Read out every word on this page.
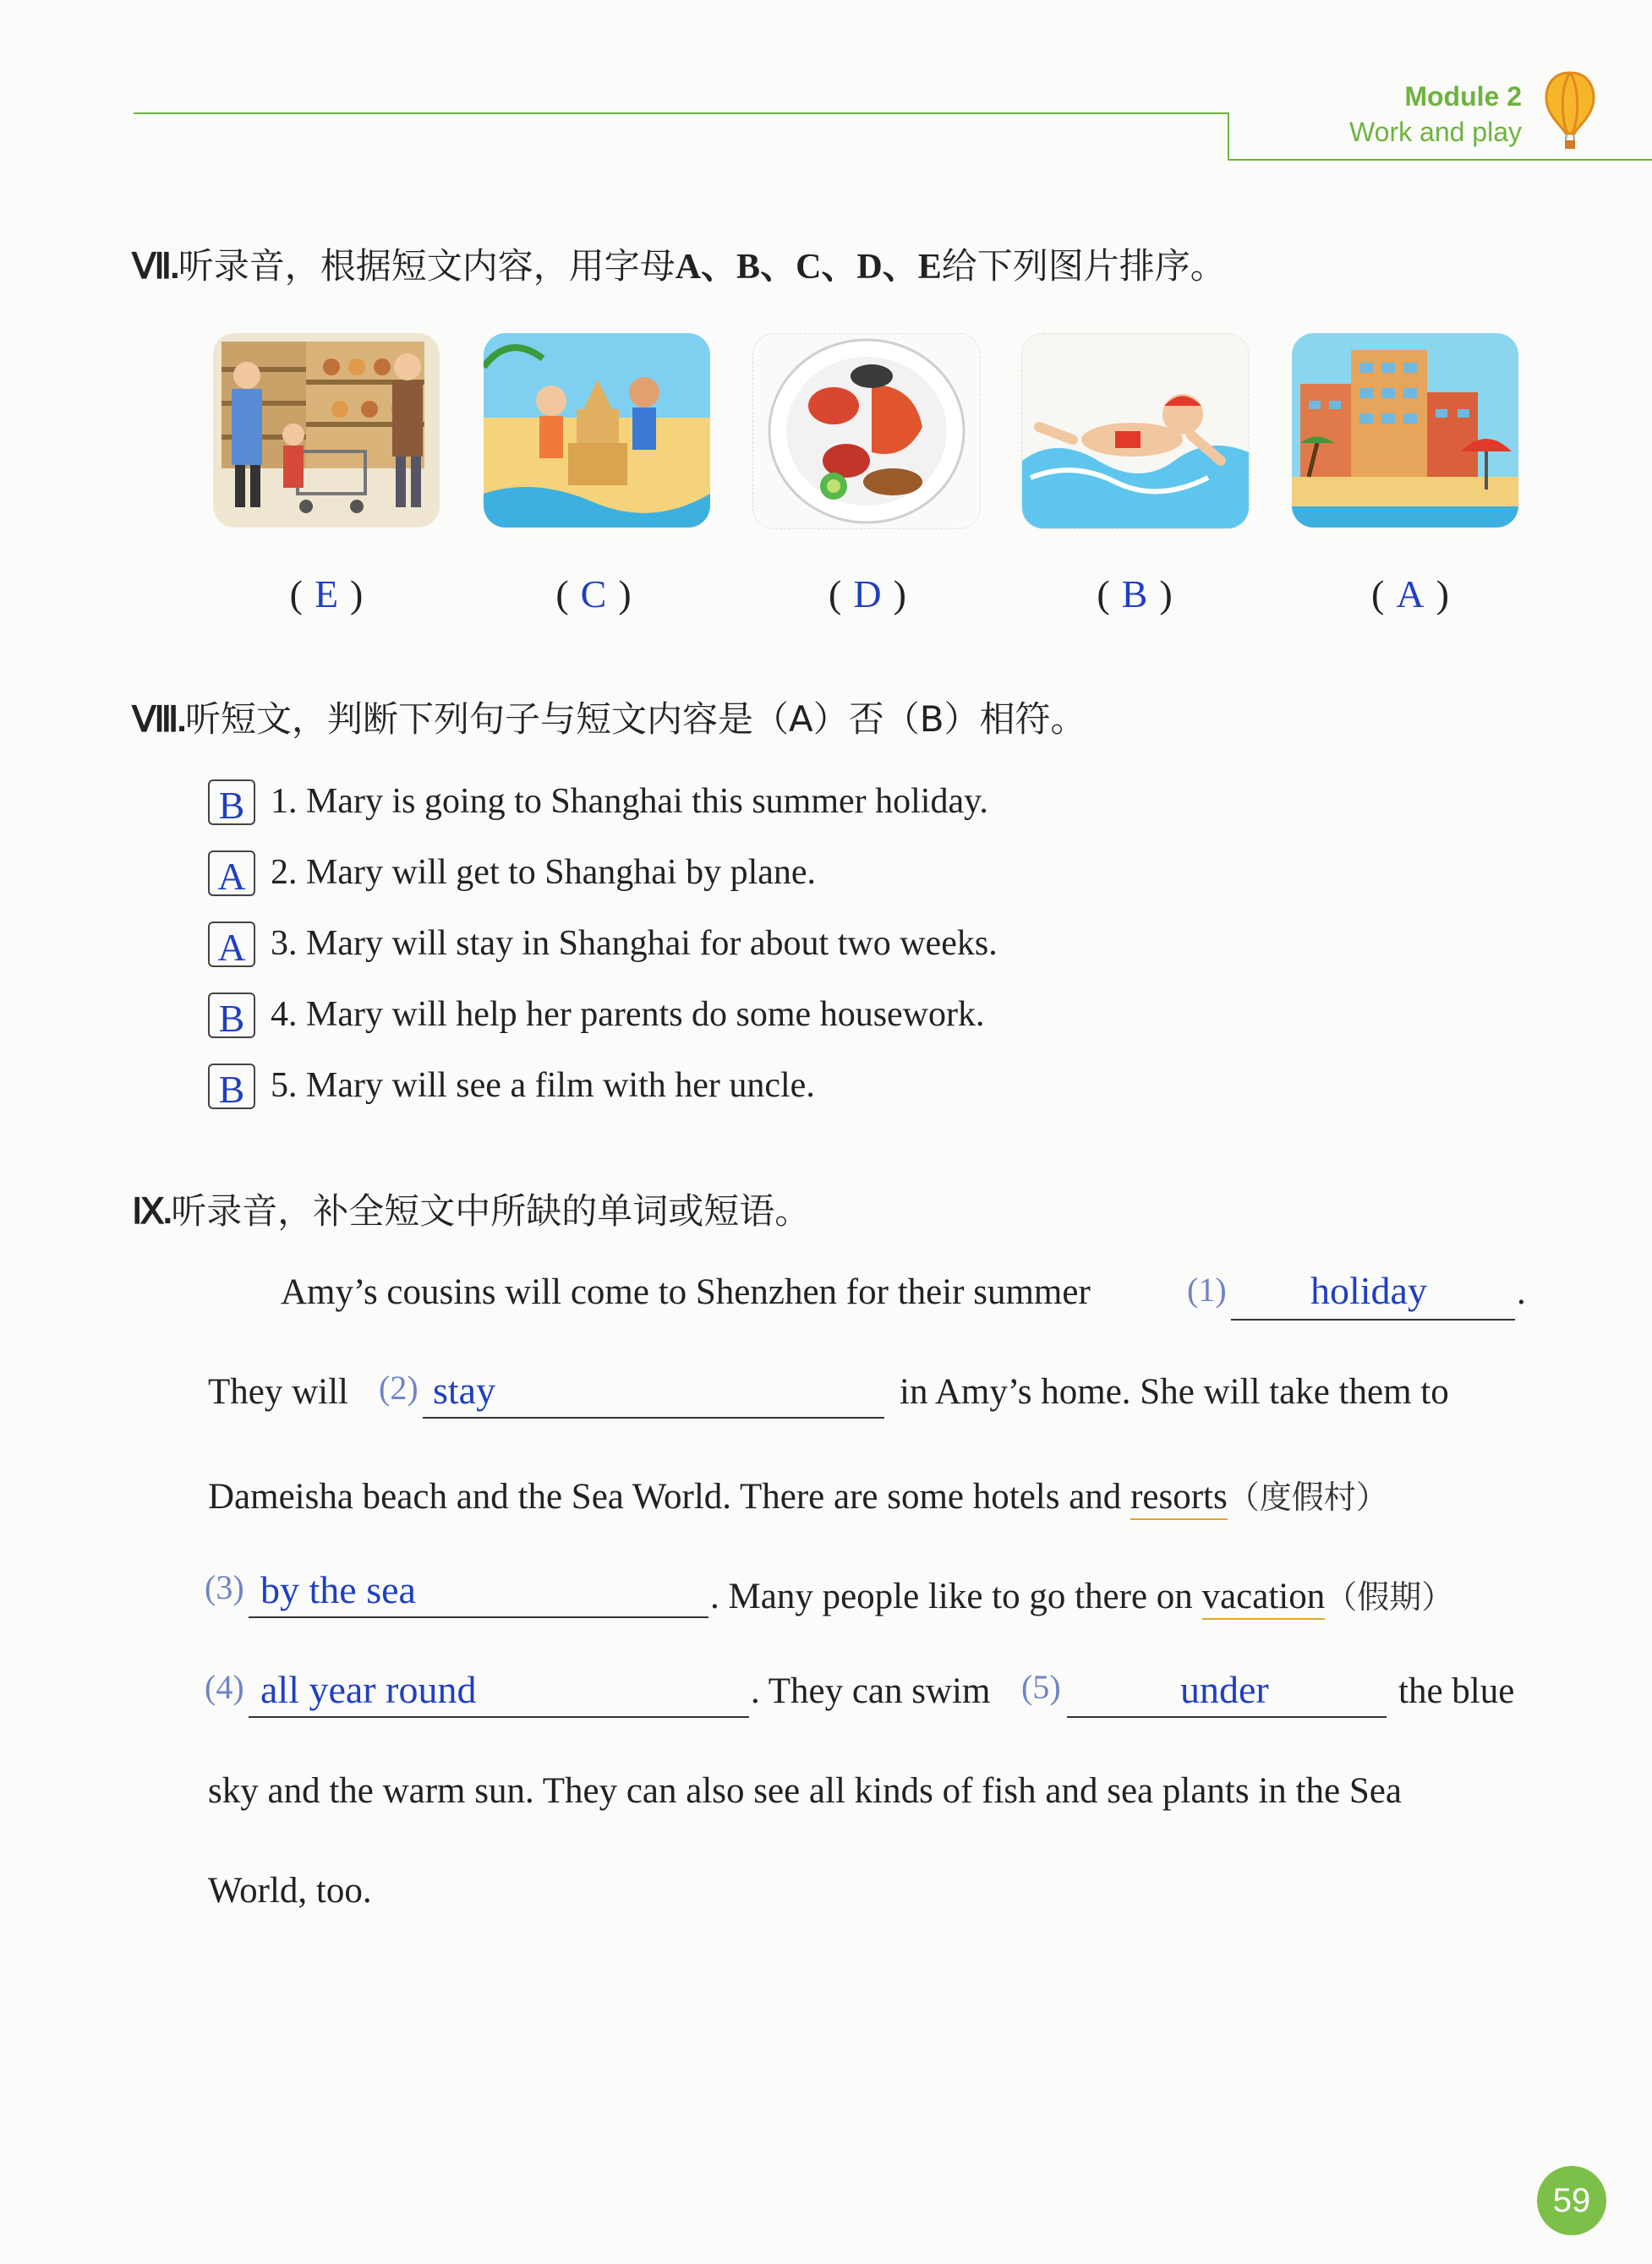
Module 2
Work and play
Ⅶ.听录音，根据短文内容，用字母A、B、C、D、E给下列图片排序。
( E )	( C )	( D )	( B )	( A )
Ⅷ.听短文，判断下列句子与短文内容是（A）否（B）相符。
B 1. Mary is going to Shanghai this summer holiday.
A 2. Mary will get to Shanghai by plane.
A 3. Mary will stay in Shanghai for about two weeks.
B 4. Mary will help her parents do some housework.
B 5. Mary will see a film with her uncle.
Ⅸ.听录音，补全短文中所缺的单词或短语。
Amy’s cousins will come to Shenzhen for their summer	(1) holiday .
They will (2) stay	in Amy’s home. She will take them to
Dameisha beach and the Sea World. There are some hotels and resorts（度假村）
(3) by the sea	. Many people like to go there on vacation（假期）
(4) all year round	. They can swim (5)	under	the blue
sky and the warm sun. They can also see all kinds of fish and sea plants in the Sea
World, too.
59
